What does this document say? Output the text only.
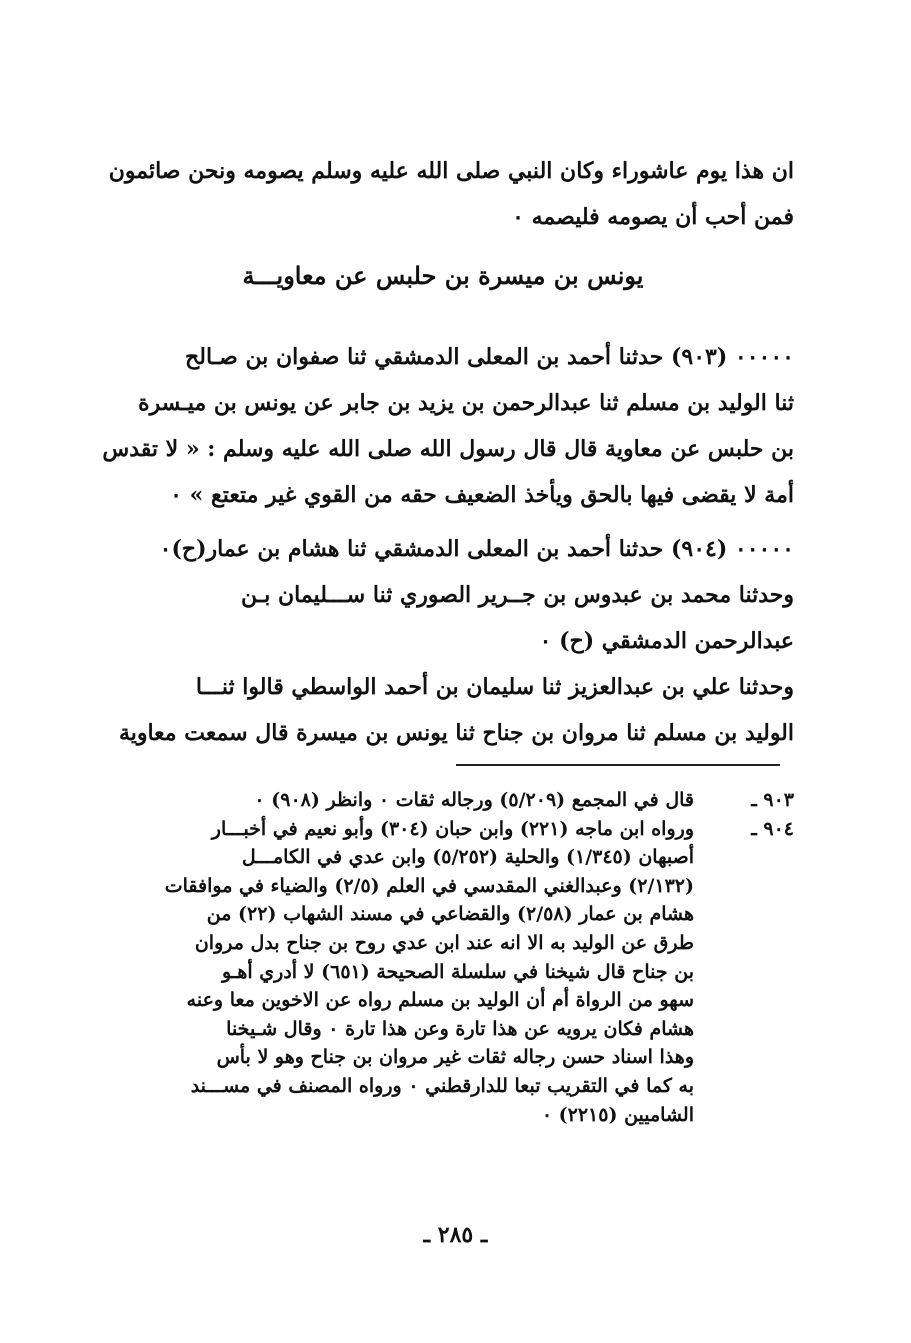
ان هذا يوم عاشوراء وكان النبي صلى الله عليه وسلم يصومه ونحن صائمون
فمن أحب أن يصومه فليصمه ٠
يونس بن ميسرة بن حلبس عن معاويـــة
٠٠٠٠٠ (٩٠٣) حدثنا أحمد بن المعلى الدمشقي ثنا صفوان بن صـالح
ثنا الوليد بن مسلم ثنا عبدالرحمن بن يزيد بن جابر عن يونس بن ميـسرة
بن حلبس عن معاوية قال قال رسول الله صلى الله عليه وسلم : « لا تقدس
أمة لا يقضى فيها بالحق ويأخذ الضعيف حقه من القوي غير متعتع » ٠
٠٠٠٠٠ (٩٠٤) حدثنا أحمد بن المعلى الدمشقي ثنا هشام بن عمار(ح)٠
وحدثنا محمد بن عبدوس بن جــرير الصوري ثنا ســـليمان بـن
عبدالرحمن الدمشقي (ح) ٠
وحدثنا علي بن عبدالعزيز ثنا سليمان بن أحمد الواسطي قالوا ثنـــا
الوليد بن مسلم ثنا مروان بن جناح ثنا يونس بن ميسرة قال سمعت معاوية
٩٠٣ ـ
قال في المجمع (٥/٢٠٩) ورجاله ثقات ٠ وانظر (٩٠٨) ٠
٩٠٤ ـ
ورواه ابن ماجه (٢٢١) وابن حبان (٣٠٤) وأبو نعيم في أخبـــار
أصبهان (١/٣٤٥) والحلية (٥/٢٥٢) وابن عدي في الكامـــل
(٢/١٣٢) وعبدالغني المقدسي في العلم (٢/٥) والضياء في موافقات
هشام بن عمار (٢/٥٨) والقضاعي في مسند الشهاب (٢٢) من
طرق عن الوليد به الا انه عند ابن عدي روح بن جناح بدل مروان
بن جناح قال شيخنا في سلسلة الصحيحة (٦٥١) لا أدري أهـو
سهو من الرواة أم أن الوليد بن مسلم رواه عن الاخوين معا وعنه
هشام فكان يرويه عن هذا تارة وعن هذا تارة ٠ وقال شـيخنا
وهذا اسناد حسن رجاله ثقات غير مروان بن جناح وهو لا بأس
به كما في التقريب تبعا للدارقطني ٠ ورواه المصنف في مســـند
الشاميين (٢٢١٥) ٠
ـ ٢٨٥ ـ
